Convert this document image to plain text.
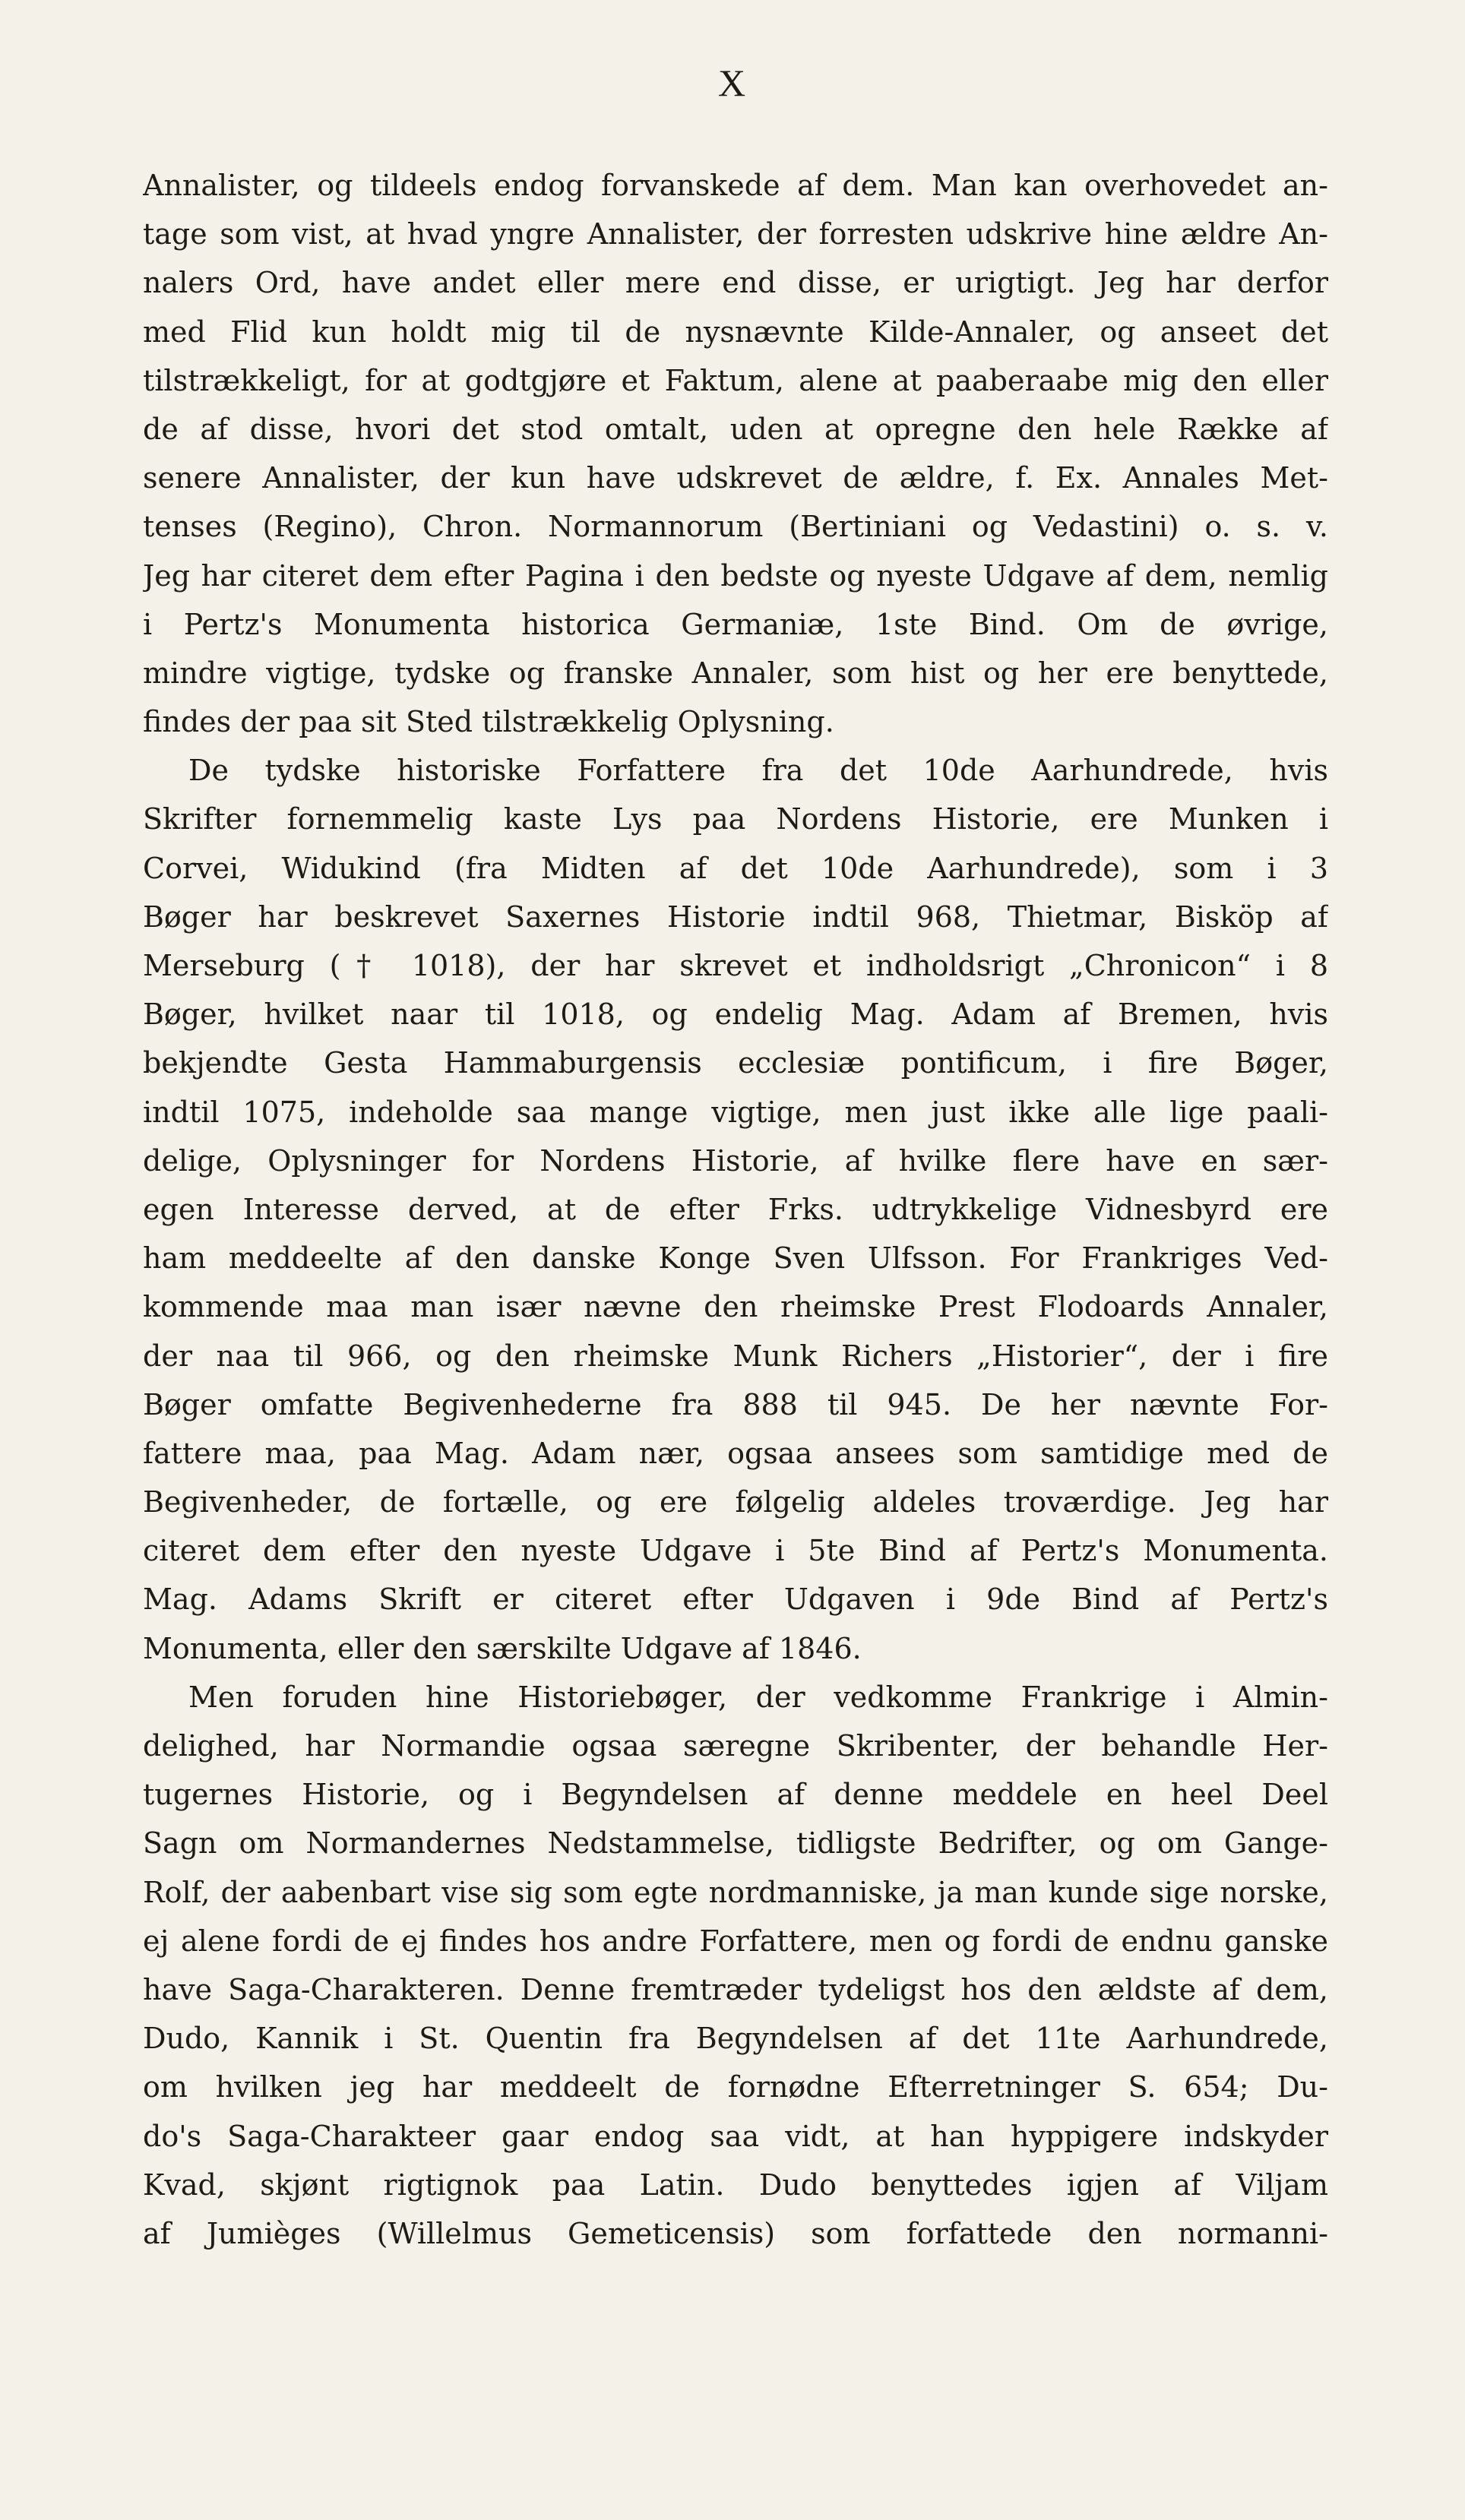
X
Annalister, og tildeels endog forvanskede af dem. Man kan overhovedet an-
tage som vist, at hvad yngre Annalister, der forresten udskrive hine ældre An-
nalers Ord, have andet eller mere end disse, er urigtigt. Jeg har derfor
med Flid kun holdt mig til de nysnævnte Kilde-Annaler, og anseet det
tilstrækkeligt, for at godtgjøre et Faktum, alene at paaberaabe mig den eller
de af disse, hvori det stod omtalt, uden at opregne den hele Række af
senere Annalister, der kun have udskrevet de ældre, f. Ex. Annales Met-
tenses (Regino), Chron. Normannorum (Bertiniani og Vedastini) o. s. v.
Jeg har citeret dem efter Pagina i den bedste og nyeste Udgave af dem, nemlig
i Pertz's Monumenta historica Germaniæ, 1ste Bind. Om de øvrige,
mindre vigtige, tydske og franske Annaler, som hist og her ere benyttede,
findes der paa sit Sted tilstrækkelig Oplysning.
De tydske historiske Forfattere fra det 10de Aarhundrede, hvis
Skrifter fornemmelig kaste Lys paa Nordens Historie, ere Munken i
Corvei, Widukind (fra Midten af det 10de Aarhundrede), som i 3
Bøger har beskrevet Saxernes Historie indtil 968, Thietmar, Bisköp af
Merseburg († 1018), der har skrevet et indholdsrigt „Chronicon“ i 8
Bøger, hvilket naar til 1018, og endelig Mag. Adam af Bremen, hvis
bekjendte Gesta Hammaburgensis ecclesiæ pontificum, i fire Bøger,
indtil 1075, indeholde saa mange vigtige, men just ikke alle lige paali-
delige, Oplysninger for Nordens Historie, af hvilke flere have en sær-
egen Interesse derved, at de efter Frks. udtrykkelige Vidnesbyrd ere
ham meddeelte af den danske Konge Sven Ulfsson. For Frankriges Ved-
kommende maa man især nævne den rheimske Prest Flodoards Annaler,
der naa til 966, og den rheimske Munk Richers „Historier“, der i fire
Bøger omfatte Begivenhederne fra 888 til 945. De her nævnte For-
fattere maa, paa Mag. Adam nær, ogsaa ansees som samtidige med de
Begivenheder, de fortælle, og ere følgelig aldeles troværdige. Jeg har
citeret dem efter den nyeste Udgave i 5te Bind af Pertz's Monumenta.
Mag. Adams Skrift er citeret efter Udgaven i 9de Bind af Pertz's
Monumenta, eller den særskilte Udgave af 1846.
Men foruden hine Historiebøger, der vedkomme Frankrige i Almin-
delighed, har Normandie ogsaa særegne Skribenter, der behandle Her-
tugernes Historie, og i Begyndelsen af denne meddele en heel Deel
Sagn om Normandernes Nedstammelse, tidligste Bedrifter, og om Gange-
Rolf, der aabenbart vise sig som egte nordmanniske, ja man kunde sige norske,
ej alene fordi de ej findes hos andre Forfattere, men og fordi de endnu ganske
have Saga-Charakteren. Denne fremtræder tydeligst hos den ældste af dem,
Dudo, Kannik i St. Quentin fra Begyndelsen af det 11te Aarhundrede,
om hvilken jeg har meddeelt de fornødne Efterretninger S. 654; Du-
do's Saga-Charakteer gaar endog saa vidt, at han hyppigere indskyder
Kvad, skjønt rigtignok paa Latin. Dudo benyttedes igjen af Viljam
af Jumièges (Willelmus Gemeticensis) som forfattede den normanni-
